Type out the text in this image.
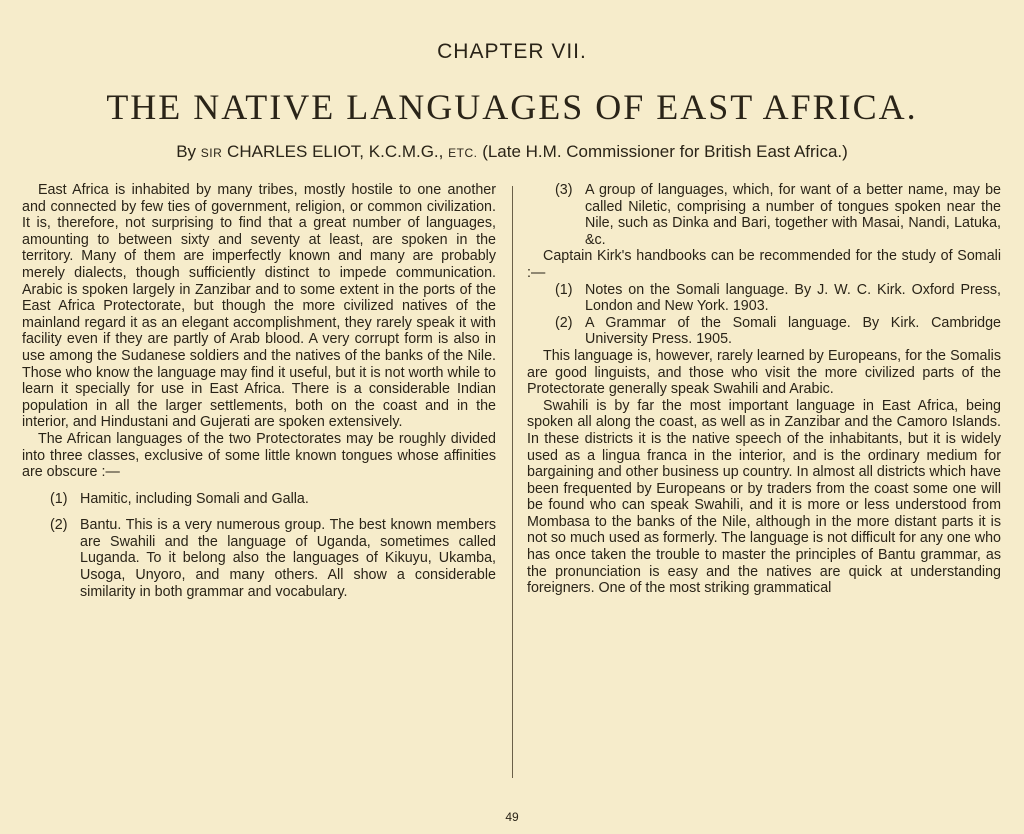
CHAPTER VII.
THE NATIVE LANGUAGES OF EAST AFRICA.
By SIR CHARLES ELIOT, K.C.M.G., ETC. (Late H.M. Commissioner for British East Africa.)

East Africa is inhabited by many tribes, mostly hostile to one another and connected by few ties of government, religion, or common civilization. It is, therefore, not surprising to find that a great number of languages, amounting to between sixty and seventy at least, are spoken in the territory. Many of them are imperfectly known and many are probably merely dialects, though sufficiently distinct to impede communication. Arabic is spoken largely in Zanzibar and to some extent in the ports of the East Africa Protectorate, but though the more civilized natives of the mainland regard it as an elegant accomplishment, they rarely speak it with facility even if they are partly of Arab blood. A very corrupt form is also in use among the Sudanese soldiers and the natives of the banks of the Nile. Those who know the language may find it useful, but it is not worth while to learn it specially for use in East Africa. There is a considerable Indian population in all the larger settlements, both on the coast and in the interior, and Hindustani and Gujerati are spoken extensively.

The African languages of the two Protectorates may be roughly divided into three classes, exclusive of some little known tongues whose affinities are obscure :—

(1) Hamitic, including Somali and Galla.
(2) Bantu. This is a very numerous group. The best known members are Swahili and the language of Uganda, sometimes called Luganda. To it belong also the languages of Kikuyu, Ukamba, Usoga, Unyoro, and many others. All show a considerable similarity in both grammar and vocabulary.
(3) A group of languages, which, for want of a better name, may be called Niletic, comprising a number of tongues spoken near the Nile, such as Dinka and Bari, together with Masai, Nandi, Latuka, &c.

Captain Kirk's handbooks can be recommended for the study of Somali :—

(1) Notes on the Somali language. By J. W. C. Kirk. Oxford Press, London and New York. 1903.
(2) A Grammar of the Somali language. By Kirk. Cambridge University Press. 1905.

This language is, however, rarely learned by Europeans, for the Somalis are good linguists, and those who visit the more civilized parts of the Protectorate generally speak Swahili and Arabic.

Swahili is by far the most important language in East Africa, being spoken all along the coast, as well as in Zanzibar and the Camoro Islands. In these districts it is the native speech of the inhabitants, but it is widely used as a lingua franca in the interior, and is the ordinary medium for bargaining and other business up country. In almost all districts which have been frequented by Europeans or by traders from the coast some one will be found who can speak Swahili, and it is more or less understood from Mombasa to the banks of the Nile, although in the more distant parts it is not so much used as formerly. The language is not difficult for any one who has once taken the trouble to master the principles of Bantu grammar, as the pronunciation is easy and the natives are quick at understanding foreigners. One of the most striking grammatical

49
